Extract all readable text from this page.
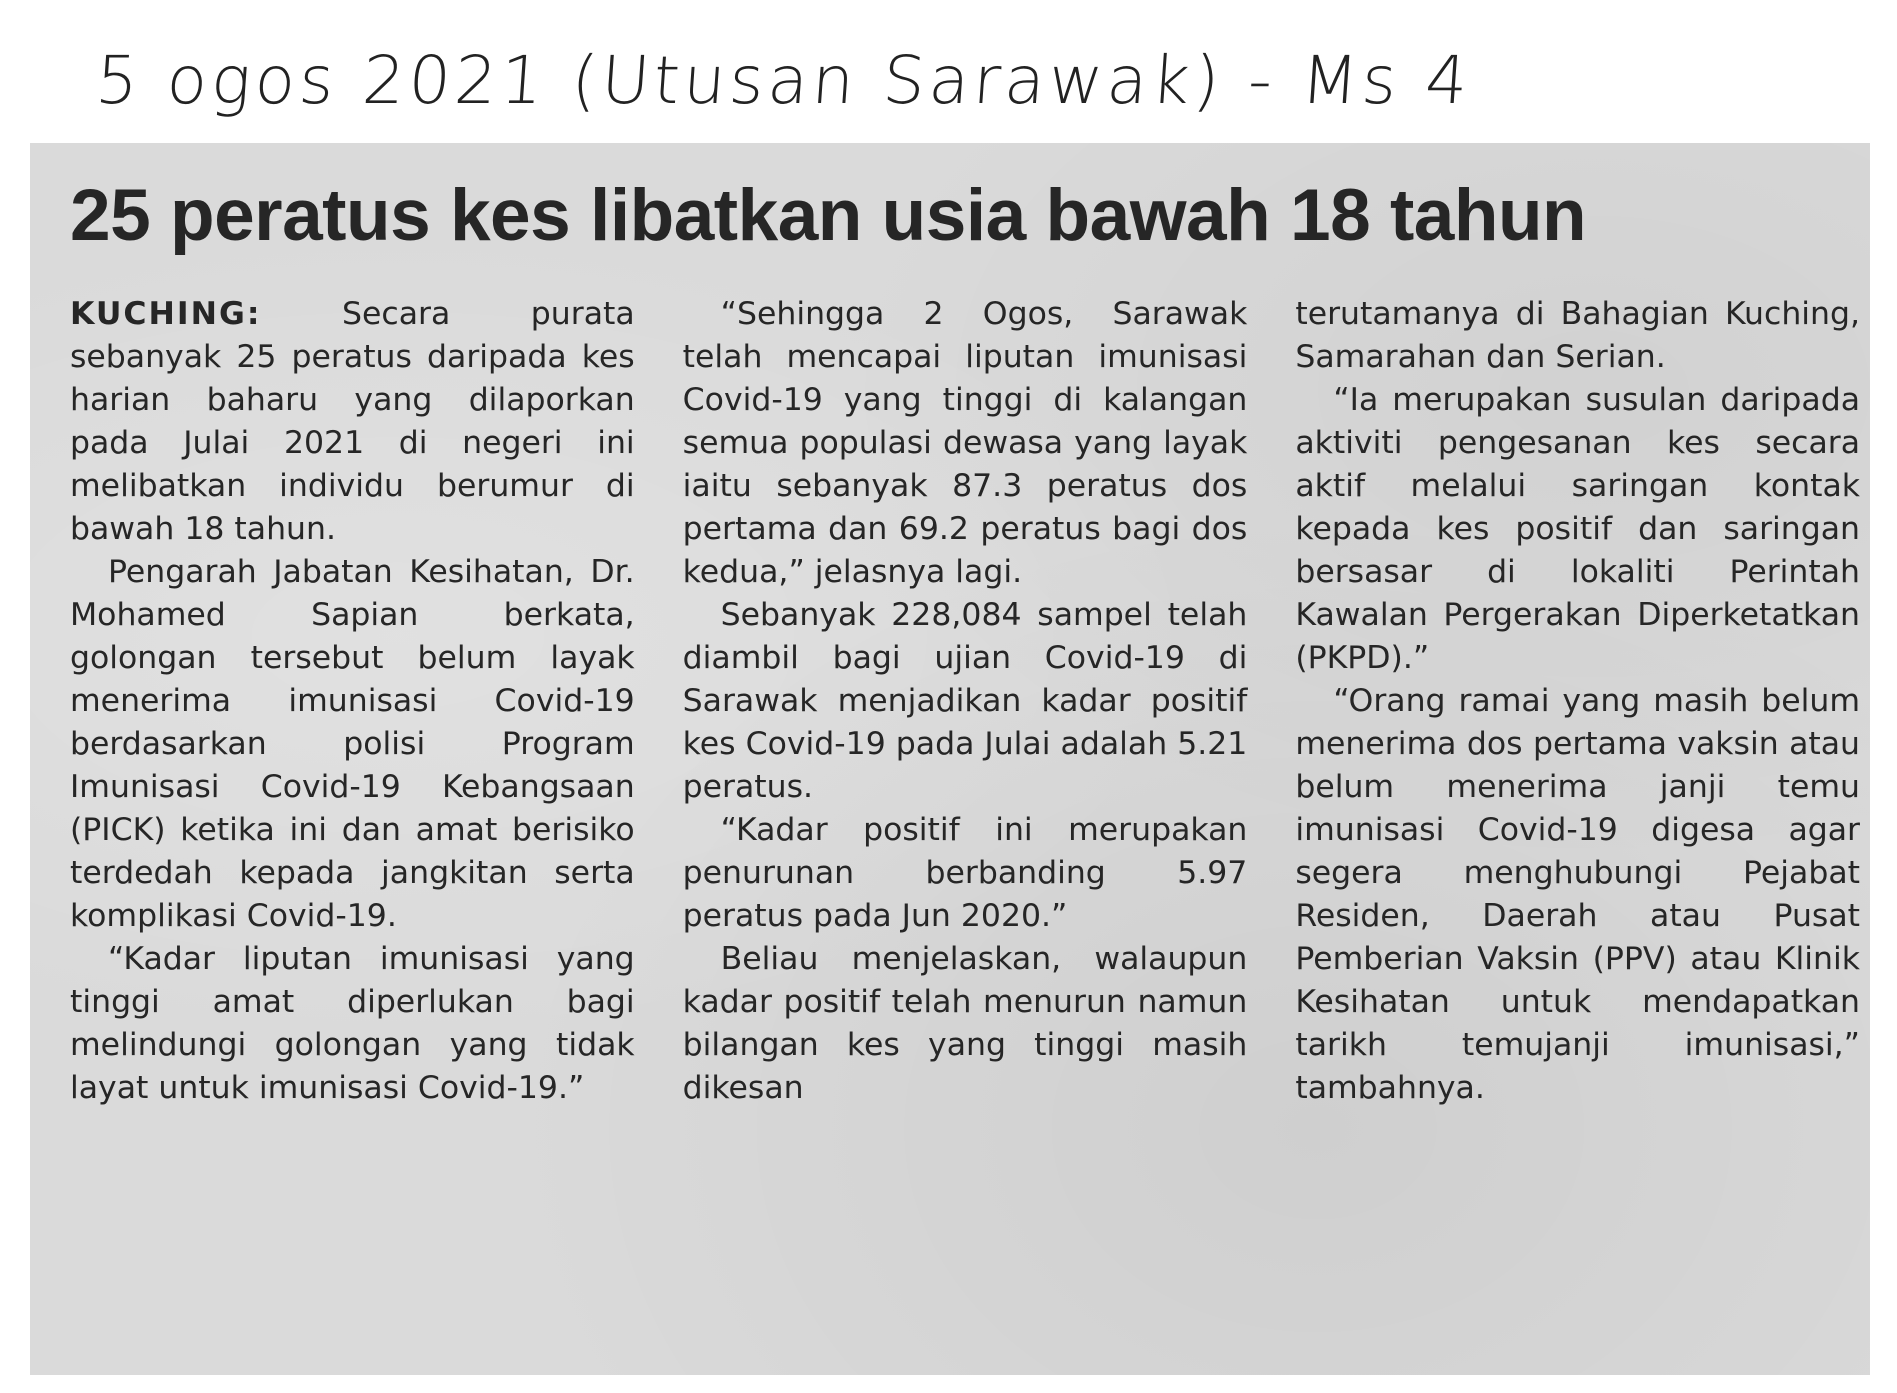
5 ogos 2021 (Utusan Sarawak) - Ms 4
25 peratus kes libatkan usia bawah 18 tahun

KUCHING:	Secara purata sebanyak 25 peratus daripada kes harian baharu yang dilaporkan pada Julai 2021 di negeri ini melibatkan individu berumur di bawah 18 tahun.

Pengarah Jabatan Kesihatan, Dr. Mohamed Sapian berkata, golongan tersebut belum layak menerima imunisasi Covid-19 berdasarkan polisi Program Imunisasi Covid-19 Kebangsaan (PICK) ketika ini dan amat berisiko terdedah kepada jangkitan serta komplikasi Covid-19.

“Kadar liputan imunisasi yang tinggi amat diperlukan bagi melindungi golongan yang tidak layat untuk imunisasi Covid-19.”

“Sehingga 2 Ogos, Sarawak telah mencapai liputan imunisasi Covid-19 yang tinggi di kalangan semua populasi dewasa yang layak iaitu sebanyak 87.3 peratus dos pertama dan 69.2 peratus bagi dos kedua,” jelasnya lagi.

Sebanyak 228,084 sampel telah diambil bagi ujian Covid-19 di Sarawak menjadikan kadar positif kes Covid-19 pada Julai adalah 5.21 peratus.

“Kadar positif ini merupakan penurunan berbanding 5.97 peratus pada Jun 2020.”

Beliau menjelaskan, walaupun kadar positif telah menurun namun bilangan kes yang tinggi masih dikesan

terutamanya di Bahagian Kuching, Samarahan dan Serian.

“Ia merupakan susulan daripada aktiviti pengesanan kes secara aktif melalui saringan kontak kepada kes positif dan saringan bersasar di lokaliti Perintah Kawalan Pergerakan Diperketatkan (PKPD).”

“Orang ramai yang masih belum menerima dos pertama vaksin atau belum menerima janji temu imunisasi Covid-19 digesa agar segera menghubungi Pejabat Residen, Daerah atau Pusat Pemberian Vaksin (PPV) atau Klinik Kesihatan untuk mendapatkan tarikh temujanji imunisasi,” tambahnya.
